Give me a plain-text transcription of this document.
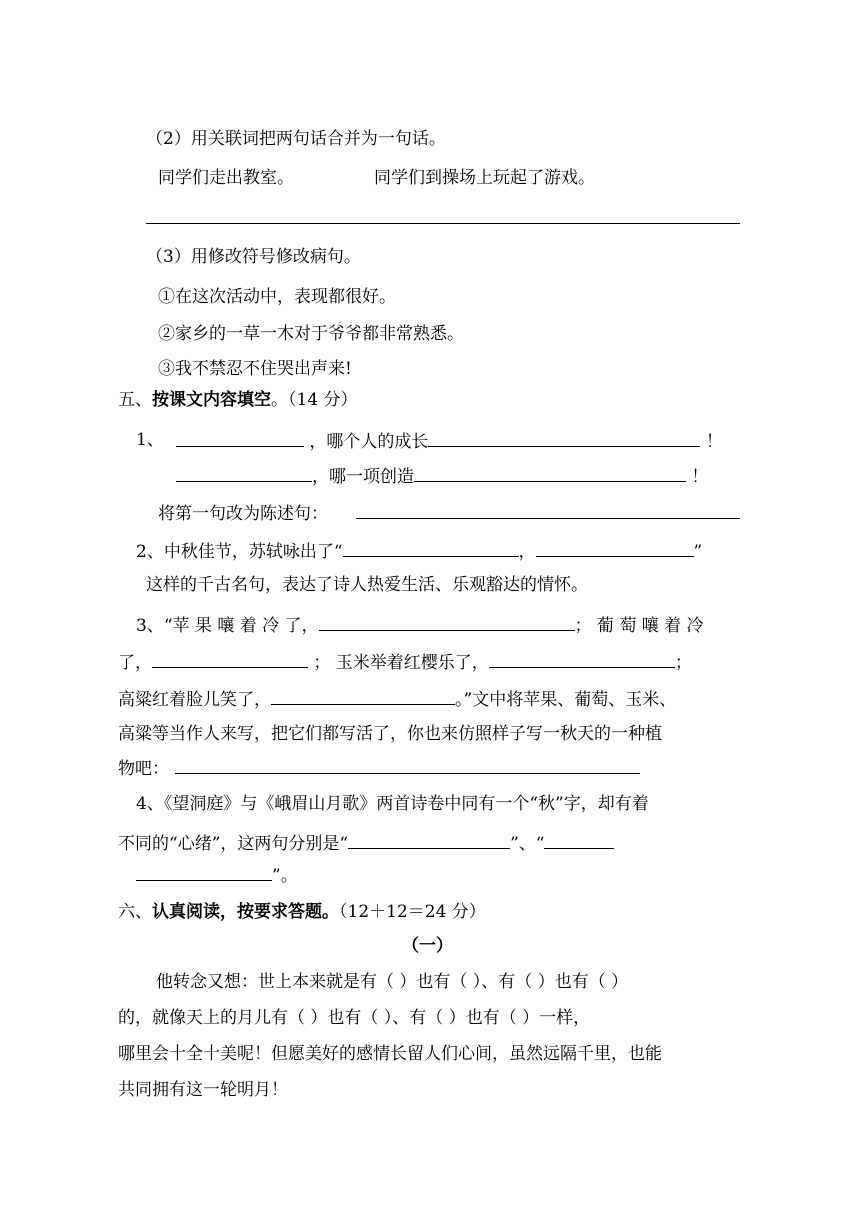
（2）用关联词把两句话合并为一句话。
同学们走出教室。	同学们到操场上玩起了游戏。
（3）用修改符号修改病句。
①在这次活动中，表现都很好。
②家乡的一草一木对于爷爷都非常熟悉。
③我不禁忍不住哭出声来!
五、按课文内容填空。（14 分）
1、	，哪个人的成长	！
，哪一项创造	！
将第一句改为陈述句：
2、中秋佳节，苏轼咏出了“	，	”
这样的千古名句，表达了诗人热爱生活、乐观豁达的情怀。
3、“苹 果 嚷 着 冷 了，	； 葡 萄 嚷 着 冷
了，	； 玉米举着红樱乐了，	；
高粱红着脸儿笑了，	。”文中将苹果、葡萄、玉米、
高粱等当作人来写，把它们都写活了，你也来仿照样子写一秋天的一种植
物吧：
4、《望洞庭》与《峨眉山月歌》两首诗卷中同有一个“秋”字，却有着
不同的“心绪”，这两句分别是“	”、“
”。
六、认真阅读，按要求答题。（12＋12＝24 分）
（一）
他转念又想：世上本来就是有（ ）也有（ ）、有（ ）也有（ ）
的，就像天上的月儿有（ ）也有（ ）、有（ ）也有（ ）一样，
哪里会十全十美呢！但愿美好的感情长留人们心间，虽然远隔千里，也能
共同拥有这一轮明月！
